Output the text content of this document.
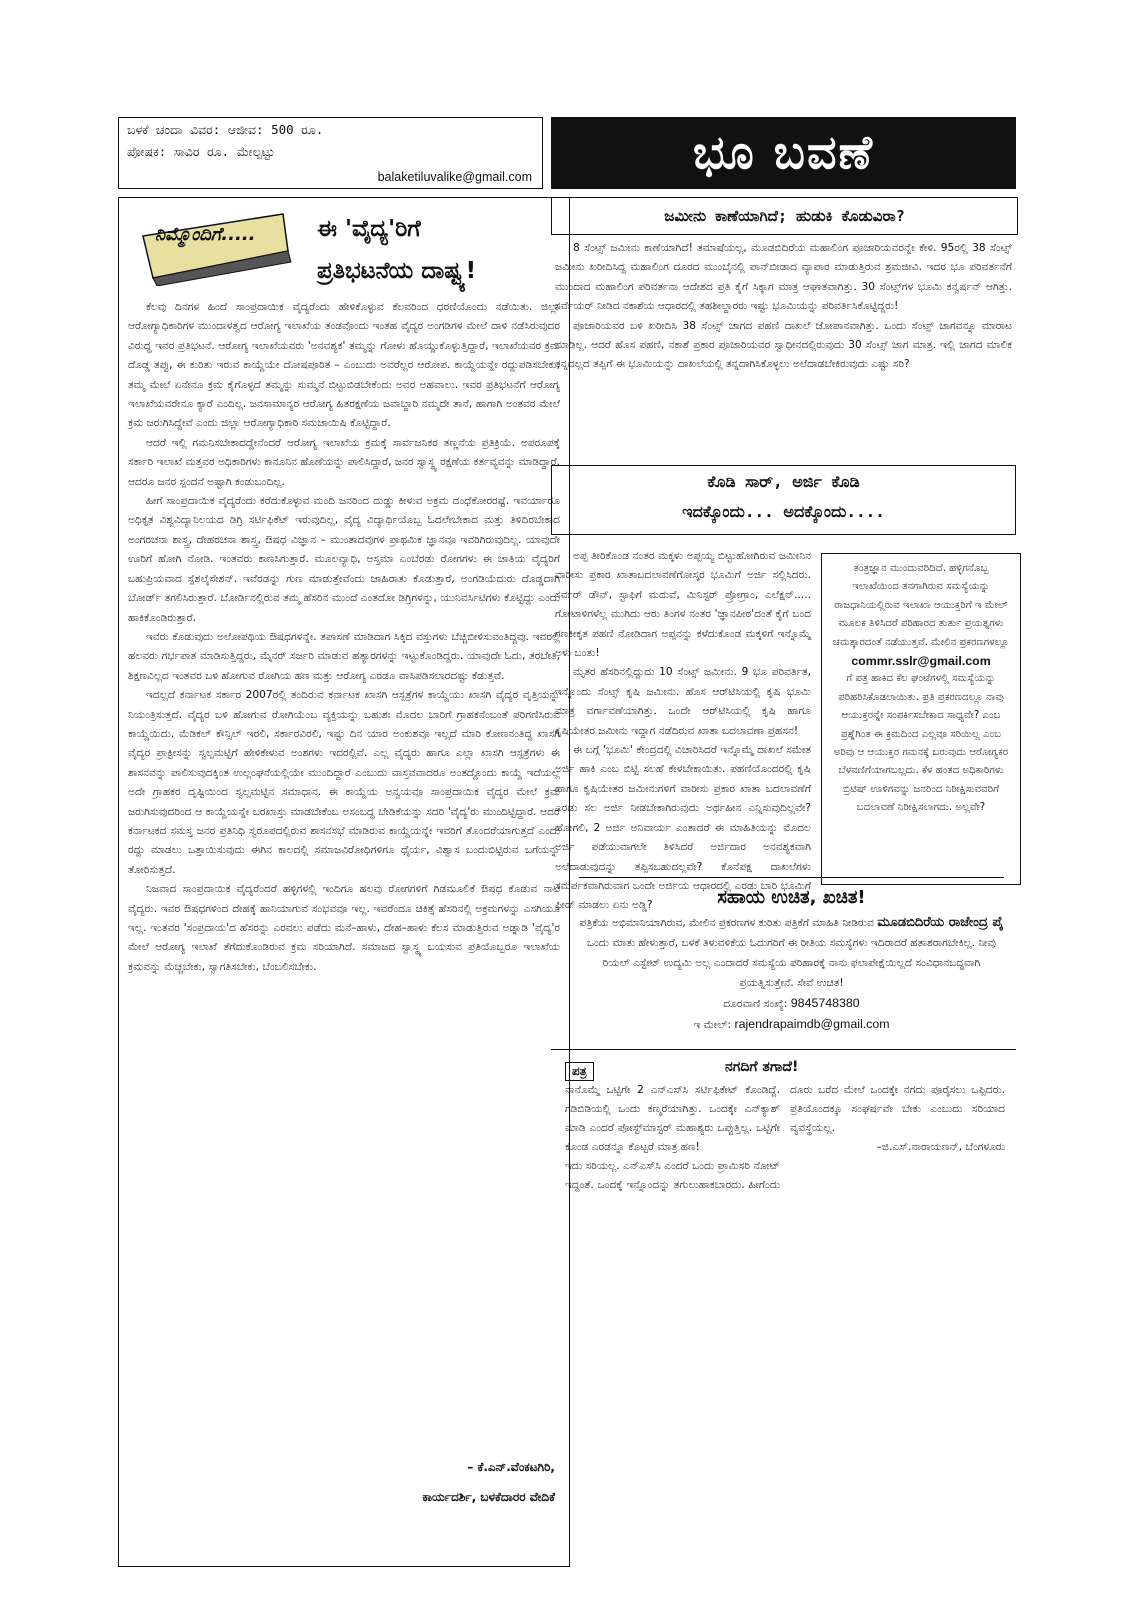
ಬಳಕೆ ಚಂದಾ ವಿವರ: ಆಜೀವ: 500 ರೂ.
ಪೋಷಕ: ಸಾವಿರ ರೂ. ಮೇಲ್ಪಟ್ಟು
balaketiluvalike@gmail.com	ಭೂ ಬವಣೆ
ನಿಮ್ಮೊಂದಿಗೆ.....	ಈ 'ವೈದ್ಯ'ರಿಗೆ
ಪ್ರತಿಭಟನೆಯ ದಾಷ್ಟ್ಯ!

ಕೆಲವು ದಿನಗಳ ಹಿಂದೆ ಸಾಂಪ್ರದಾಯಿಕ ವೈದ್ಯರೆಂದು ಹೇಳಿಕೊಳ್ಳುವ ಕೆಲವರಿಂದ ಧರಣಿಯೊಂದು ನಡೆಯಿತು. ಜಿಲ್ಲಾ ಆರೋಗ್ಯಾಧಿಕಾರಿಗಳ ಮುಂದಾಳತ್ವದ ಆರೋಗ್ಯ ಇಲಾಖೆಯ ತಂಡವೊಂದು ಇಂತಹ ವೈದ್ಯರ ಅಂಗಡಿಗಳ ಮೇಲೆ ದಾಳಿ ನಡೆಸಿರುವುದರ ವಿರುದ್ಧ ಇವರ ಪ್ರತಿಭಟನೆ. ಆರೋಗ್ಯ ಇಲಾಖೆಯವರು 'ಅನವಶ್ಯಕ' ತಮ್ಮನ್ನು ಗೋಳು ಹೊಯ್ದುಕೊಳ್ಳುತ್ತಿದ್ದಾರೆ, ಇಲಾಖೆಯವರ ಕ್ರಮ ದೊಡ್ಡ ತಪ್ಪು, ಈ ಕುರಿತು ಇರುವ ಕಾಯ್ದೆಯೇ ದೋಷಪೂರಿತ – ಎಂಬುದು ಅವರೆಲ್ಲರ ಆರೋಪ. ಕಾಯ್ದೆಯನ್ನೇ ರದ್ದುಪಡಿಸಬೇಕು, ತಮ್ಮ ಮೇಲೆ ಏನೇನೂ ಕ್ರಮ ಕೈಗೊಳ್ಳದೆ ತಮ್ಮನ್ನು ಸುಮ್ಮನೆ ಬಿಟ್ಟುಬಿಡಬೇಕೆಂದು ಅವರ ಅಹವಾಲು. ಇವರ ಪ್ರತಿಭಟನೆಗೆ ಆರೋಗ್ಯ ಇಲಾಖೆಯವರೇನೂ ಕ್ಯಾರೆ ಎಂದಿಲ್ಲ. ಜನಸಾಮಾನ್ಯರ ಆರೋಗ್ಯ ಹಿತರಕ್ಷಣೆಯ ಜವಾಬ್ದಾರಿ ನಮ್ಮದೇ ತಾನೆ, ಹಾಗಾಗಿ ಅಂತವರ ಮೇಲೆ ಕ್ರಮ ಜರುಗಿಸಿದ್ದೇವೆ ಎಂದು ಜಿಲ್ಲಾ ಆರೋಗ್ಯಾಧಿಕಾರಿ ಸಮಜಾಯಿಷಿ ಕೊಟ್ಟಿದ್ದಾರೆ.

ಆದರೆ ಇಲ್ಲಿ ಗಮನಿಸಬೇಕಾದದ್ದೇನೆಂದರೆ ಆರೋಗ್ಯ ಇಲಾಖೆಯ ಕ್ರಮಕ್ಕೆ ಸಾರ್ವಜನಿಕರ ತಣ್ಣನೆಯ ಪ್ರತಿಕ್ರಿಯೆ. ಅಪರೂಪಕ್ಕೆ ಸರ್ಕಾರಿ ಇಲಾಖೆ ಮತ್ತವರ ಅಧಿಕಾರಿಗಳು ಕಾನೂನಿನ ಹೊಣೆಯನ್ನು ಪಾಲಿಸಿದ್ದಾರೆ, ಜನರ ಸ್ವಾಸ್ಥ್ಯ ರಕ್ಷಣೆಯ ಕರ್ತವ್ಯವನ್ನು ಮಾಡಿದ್ದಾರೆ. ಆದರೂ ಜನರ ಸ್ಪಂದನೆ ಅಷ್ಟಾಗಿ ಕಂಡುಬಂದಿಲ್ಲ.

ಹೀಗೆ ಸಾಂಪ್ರದಾಯಿಕ ವೈದ್ಯರೆಂದು ಕರೆದುಕೊಳ್ಳುವ ಮಂದಿ ಜನರಿಂದ ದುಡ್ಡು ಕೀಳುವ ಅಕ್ರಮ ದಂಧೆಕೋರರಷ್ಟೆ. ಇವರ್ಯಾರೂ ಅಧಿಕೃತ ವಿಶ್ವವಿದ್ಯಾನಿಲಯದ ಡಿಗ್ರಿ ಸರ್ಟಿಫಿಕೆಟ್ ಇರುವುದಿಲ್ಲ, ವೈದ್ಯ ವಿದ್ಯಾರ್ಥಿಯೊಬ್ಬ ಓದಲೇಬೇಕಾದ ಮತ್ತು ತಿಳಿದಿರಬೇಕಾದ ಅಂಗರಚನಾ ಶಾಸ್ತ್ರ, ದೇಹರಚನಾ ಶಾಸ್ತ್ರ, ಔಷಧ ವಿಜ್ಞಾನ – ಮುಂತಾದವುಗಳ ಪ್ರಾಥಮಿಕ ಜ್ಞಾನವೂ ಇವರಿಗಿರುವುದಿಲ್ಲ. ಯಾವುದೇ ಊರಿಗೆ ಹೋಗಿ ನೋಡಿ. ಇಂತವರು ಕಾಣಸಿಗುತ್ತಾರೆ. ಮೂಲವ್ಯಾಧಿ, ಅಸ್ತಮಾ ಎಂಬೆರಡು ರೋಗಗಳು ಈ ಜಾತಿಯ ವೈದ್ಯರಿಗೆ ಬಹುಪ್ರಿಯವಾದ ಸ್ಪೆಶಲೈಸೇಶನ್. ಇವೆರಡನ್ನು ಗುಣ ಮಾಡುತ್ತೇವೆಂದು ಜಾಹಿರಾತು ಕೊಡುತ್ತಾರೆ, ಅಂಗಡಿಯೆದುರು ದೊಡ್ಡದಾಗಿ ಬೋರ್ಡ್ ತಗಲಿಸಿರುತ್ತಾರೆ. ಬೋರ್ಡಿನಲ್ಲಿರುವ ತಮ್ಮ ಹೆಸರಿನ ಮುಂದೆ ಎಂತದೋ ಡಿಗ್ರಿಗಳನ್ನು, ಯುನಿವರ್ಸಿಟಿಗಳು ಕೊಟ್ಟಿದ್ದು ಎಂದು ಹಾಕಿಕೊಂಡಿರುತ್ತಾರೆ.

ಇವರು ಕೊಡುವುದು ಅಲೋಪಥಿಯ ಔಷಧಗಳನ್ನೇ. ತಪಾಸಣೆ ಮಾಡಿದಾಗ ಸಿಕ್ಕಿದ ವಸ್ತುಗಳು ಬೆಚ್ಚಿಬೀಳಿಸುವಂತಿದ್ದವು. ಇವರಲ್ಲಿ ಹಲವರು ಗರ್ಭಪಾತ ಮಾಡಿಸುತ್ತಿದ್ದರು, ಮೈನರ್ ಸರ್ಜರಿ ಮಾಡುವ ಹತ್ಯಾರಗಳನ್ನು ಇಟ್ಟುಕೊಂಡಿದ್ದರು. ಯಾವುದೇ ಓದು, ತರಬೇತಿ, ಶಿಕ್ಷಣವಿಲ್ಲದ ಇಂತವರ ಬಳಿ ಹೋಗುವ ರೋಗಿಯ ಹಣ ಮತ್ತು ಆರೋಗ್ಯ ಎರಡೂ ವಾಸಿಪಡಿಸಲಾರದಷ್ಟು ಕೆಡುತ್ತವೆ.

ಇದಲ್ಲದೆ ಕರ್ನಾಟಕ ಸರ್ಕಾರ 2007ರಲ್ಲಿ ತಂದಿರುವ ಕರ್ನಾಟಕ ಖಾಸಗಿ ಆಸ್ಪತ್ರೆಗಳ ಕಾಯ್ದೆಯು ಖಾಸಗಿ ವೈದ್ಯರ ವೃತ್ತಿಯನ್ನು ನಿಯಂತ್ರಿಸುತ್ತದೆ. ವೈದ್ಯರ ಬಳಿ ಹೋಗುವ ರೋಗಿಯೆಂಬ ವ್ಯಕ್ತಿಯನ್ನು ಬಹುಶಃ ಮೊದಲ ಬಾರಿಗೆ ಗ್ರಾಹಕನೆಂಬಂತೆ ಪರಿಗಣಿಸಿರುವ ಕಾಯ್ದೆಯಿದು. ಮೆಡಿಕಲ್ ಕೌನ್ಸಿಲ್ ಇರಲಿ, ಸರ್ಕಾರವಿರಲಿ, ಇಷ್ಟು ದಿನ ಯಾರ ಅಂಕುಶವೂ ಇಲ್ಲದೆ ಮಾರಿ ಕೋಣನಂತಿದ್ದ ಖಾಸಗಿ ವೈದ್ಯರ ಪ್ರಾಕ್ಟೀಸನ್ನು ಸ್ವಲ್ಪಮಟ್ಟಿಗೆ ಹೇಳಿಕೇಳುವ ಅಂಶಗಳು ಇದರಲ್ಲಿವೆ. ಎಲ್ಲ ವೈದ್ಯರು ಹಾಗೂ ಎಲ್ಲಾ ಖಾಸಗಿ ಆಸ್ಪತ್ರೆಗಳು ಈ ಶಾಸನವನ್ನು ಪಾಲಿಸುವುದಕ್ಕಿಂತ ಉಲ್ಲಂಘನೆಯಲ್ಲಿಯೇ ಮುಂದಿದ್ದಾರೆ ಎಂಬುದು ವಾಸ್ತವವಾದರೂ ಅಂತದ್ದೊಂದು ಕಾಯ್ದೆ ಇದೆಯಲ್ಲ ಅದೇ ಗ್ರಾಹಕರ ದೃಷ್ಟಿಯಿಂದ ಸ್ವಲ್ಪಮಟ್ಟಿನ ಸಮಾಧಾನ. ಈ ಕಾಯ್ದೆಯ ಅನ್ವಯವೂ ಸಾಂಪ್ರದಾಯಿಕ ವೈದ್ಯರ ಮೇಲೆ ಕ್ರಮ ಜರುಗಿಸುವುದರಿಂದ ಆ ಕಾಯ್ದೆಯನ್ನೇ ಬರಖಾಸ್ತು ಮಾಡಬೇಕೆಂಬ ಅಸಂಬದ್ಧ ಬೇಡಿಕೆಯನ್ನು ಸದರಿ 'ವೈದ್ಯ'ರು ಮುಂದಿಟ್ಟಿದ್ದಾರೆ. ಆದರೆ ಕರ್ನಾಟಕದ ಸಮಸ್ತ ಜನರ ಪ್ರತಿನಿಧಿ ಸ್ವರೂಪದಲ್ಲಿರುವ ಶಾಸನಸಭೆ ಮಾಡಿರುವ ಕಾಯ್ದೆಯನ್ನೇ ಇವರಿಗೆ ತೊಂದರೆಯಾಗುತ್ತದೆ ಎಂದು ರದ್ದು ಮಾಡಲು ಒತ್ತಾಯಿಸುವುದು ಈಗಿನ ಕಾಲದಲ್ಲಿ ಸಮಾಜವಿರೋಧಿಗಳಿಗೂ ಧೈರ್ಯ, ವಿಶ್ವಾಸ ಬಂದುಬಿಟ್ಟಿರುವ ಬಗೆಯನ್ನು ತೋರಿಸುತ್ತದೆ.

ನಿಜವಾದ ಸಾಂಪ್ರದಾಯಿಕ ವೈದ್ಯರೆಂದರೆ ಹಳ್ಳಿಗಳಲ್ಲಿ ಇಂದಿಗೂ ಹಲವು ರೋಗಗಳಿಗೆ ಗಿಡಮೂಲಿಕೆ ಔಷಧ ಕೊಡುವ ನಾಟಿ ವೈದ್ಯರು. ಇವರ ಔಷಧಗಳಿಂದ ದೇಹಕ್ಕೆ ಹಾನಿಯಾಗುವ ಸಂಭವವೂ ಇಲ್ಲ. ಇವರೆಂದೂ ಚಿಕಿತ್ಸೆ ಹೆಸರಿನಲ್ಲಿ ಅಕ್ರಮಗಳನ್ನು ಎಸಗಿಯೂ ಇಲ್ಲ. ಇಂತವರ 'ಸಂಪ್ರದಾಯ'ದ ಹೆಸರನ್ನು ಎರವಲು ಪಡೆದು ಮನೆ–ಹಾಳು, ದೇಹ–ಹಾಳು ಕೆಲಸ ಮಾಡುತ್ತಿರುವ ಅಡ್ನಾಡಿ 'ವೈದ್ಯ'ರ ಮೇಲೆ ಆರೋಗ್ಯ ಇಲಾಖೆ ತೆಗೆದುಕೊಂಡಿರುವ ಕ್ರಮ ಸರಿಯಾಗಿದೆ. ಸಮಾಜದ ಸ್ವಾಸ್ಥ್ಯ ಬಯಸುವ ಪ್ರತಿಯೊಬ್ಬರೂ ಇಲಾಖೆಯ ಕ್ರಮವನ್ನು ಮೆಚ್ಚಬೇಕು, ಸ್ವಾಗತಿಸಬೇಕು, ಬೆಂಬಲಿಸಬೇಕು.

– ಕೆ.ಎನ್.ವೆಂಕಟಗಿರಿ,
ಕಾರ್ಯದರ್ಶಿ, ಬಳಕೆದಾರರ ವೇದಿಕೆ
ಜಮೀನು ಕಾಣೆಯಾಗಿದೆ; ಹುಡುಕಿ ಕೊಡುವಿರಾ?

8 ಸೆಂಟ್ಸ್ ಜಮೀನು ಕಾಣೆಯಾಗಿದೆ! ತಮಾಷೆಯಲ್ಲ, ಮೂಡಬಿದಿರೆಯ ಮಹಾಲಿಂಗ ಪೂಜಾರಿಯವರನ್ನೇ ಕೇಳಿ. 95ರಲ್ಲಿ 38 ಸೆಂಟ್ಸ್ ಜಮೀನು ಖರೀದಿಸಿದ್ದ ಮಹಾಲಿಂಗ ದೂರದ ಮುಂಬೈನಲ್ಲಿ ಪಾನ್‌ಬೀಡಾದ ವ್ಯಾಪಾರ ಮಾಡುತ್ತಿರುವ ಶ್ರಮಜೀವಿ. ಇದರ ಭೂ ಪರಿವರ್ತನೆಗೆ ಮುಂದಾದ ಮಹಾಲಿಂಗ ಪರಿವರ್ತನಾ ಆದೇಶದ ಪ್ರತಿ ಕೈಗೆ ಸಿಕ್ಕಾಗ ಮಾತ್ರ ಆಘಾತವಾಗಿತ್ತು. 30 ಸೆಂಟ್ಸ್‌ಗಳ ಭೂಮಿ ಕನ್ವರ್ಷನ್ ಆಗಿತ್ತು. ಸರ್ವೆಯರ್ ನೀಡಿದ ನಕಾಶೆಯ ಆಧಾರದಲ್ಲಿ ತಹಶೀಲ್ದಾರರು ಇಷ್ಟು ಭೂಮಿಯನ್ನು ಪರಿವರ್ತಿಸಿಕೊಟ್ಟಿದ್ದರು!

ಪೂಜಾರಿಯವರ ಬಳಿ ಖರೀದಿಸಿ 38 ಸೆಂಟ್ಸ್ ಜಾಗದ ಪಹಣಿ ದಾಖಲೆ ಜೋಪಾನವಾಗಿತ್ತು. ಒಂದು ಸೆಂಟ್ಸ್ ಜಾಗವನ್ನೂ ಮಾರಾಟ ಮಾಡಿಲ್ಲ. ಆದರೆ ಹೊಸ ಪಹಣಿ, ನಕಾಶೆ ಪ್ರಕಾರ ಪೂಜಾರಿಯವರ ಸ್ವಾಧೀನದಲ್ಲಿರುವುದು 30 ಸೆಂಟ್ಸ್ ಜಾಗ ಮಾತ್ರ. ಇಲ್ಲಿ ಜಾಗದ ಮಾಲಿಕ ತನ್ನದಲ್ಲದ ತಪ್ಪಿಗೆ ಈ ಭೂಮಿಯನ್ನು ದಾಖಲೆಯಲ್ಲಿ ತನ್ನದಾಗಿಸಿಕೊಳ್ಳಲು ಅಲೆದಾಡಬೇಕಿರುವುದು ಎಷ್ಟು ಸರಿ?

ಕೊಡಿ ಸಾರ್, ಅರ್ಜಿ ಕೊಡಿ
ಇದಕ್ಕೊಂದು... ಅದಕ್ಕೊಂದು....

ಅಪ್ಪ ತೀರಿಕೊಂಡ ನಂತರ ಮಕ್ಕಳು ಅಪ್ಪಯ್ಯ ಬಿಟ್ಟುಹೋಗಿರುವ ಜಮೀನಿನ ವಾರೀಸು ಪ್ರಕಾರ ಖಾತಾಬದಲಾವಣೆಗೋಸ್ಕರ ಭೂಮಿಗೆ ಅರ್ಜಿ ಸಲ್ಲಿಸಿದರು. ಸರ್ವರ್ ಡೌನ್, ಸ್ಟಾಫಿಗೆ ಮದುವೆ, ಮಿನಿಸ್ಟರ್ ಪ್ರೋಗ್ರಾಂ, ಎಲೆಕ್ಷನ್..... ಗೋಟಾಳಿಗಳೆಲ್ಲ ಮುಗಿದು ಆರು ತಿಂಗಳ ನಂತರ 'ಜ್ಞಾನಪೀಠ'ದಂತೆ ಕೈಗೆ ಬಂದ ಗಣಕೀಕೃತ ಪಹಣಿ ನೋಡಿದಾಗ ಅಪ್ಪನನ್ನು ಕಳೆದುಕೊಂಡ ಮಕ್ಕಳಿಗೆ ಇನ್ನೊಮ್ಮೆ ಅಳು ಬಂತು!

ಮೃತರ ಹೆಸರಿನಲ್ಲಿದ್ದುದು 10 ಸೆಂಟ್ಸ್ ಜಮೀನು. 9 ಭೂ ಪರಿವರ್ತಿತ, ಇನ್ನೊಂದು ಸೆಂಟ್ಸ್ ಕೃಷಿ ಜಮೀನು. ಹೊಸ ಆರ್‌ಟಿಸಿಯಲ್ಲಿ ಕೃಷಿ ಭೂಮಿ ಮಾತ್ರ ವರ್ಗಾವಣೆಯಾಗಿತ್ತು. ಒಂದೇ ಆರ್‌ಟಿಸಿಯಲ್ಲಿ ಕೃಷಿ ಹಾಗೂ ಕೃಷಿಯೇತರ ಜಮೀನು ಇದ್ದಾಗ ನಡೆದಿರುವ ಖಾತಾ ಬದಲಾವಣಾ ಪ್ರಹಸನ!

ಈ ಬಗ್ಗೆ 'ಭೂಮಿ' ಕೇಂದ್ರದಲ್ಲಿ ವಿಚಾರಿಸಿದರೆ ಇನ್ನೊಮ್ಮೆ ದಾಖಲೆ ಸಮೇತ ಅರ್ಜಿ ಹಾಕಿ ಎಂಬ ಬಿಟ್ಟಿ ಸಲಹೆ ಕೇಳಬೇಕಾಯಿತು. ಪಹಣಿಯೊಂದರಲ್ಲಿ ಕೃಷಿ ಹಾಗೂ ಕೃಷಿಯೇತರ ಜಮೀನುಗಳಿಗೆ ವಾರೀಸು ಪ್ರಕಾರ ಖಾತಾ ಬದಲಾವಣೆಗೆ ಎರಡು ಸಲ ಅರ್ಜಿ ನೀಡಬೇಕಾಗಿರುವುದು ಅರ್ಥಹೀನ ಎನ್ನಿಸುವುದಿಲ್ಲವೇ? ಹೋಗಲಿ, 2 ಅರ್ಜಿ ಅನಿವಾರ್ಯ ಎಂತಾದರೆ ಈ ಮಾಹಿತಿಯನ್ನು ಮೊದಲ ಅರ್ಜಿ ಪಡೆಯುವಾಗಲೇ ತಿಳಿಸಿದರೆ ಅರ್ಜಿದಾರ ಅನವಶ್ಯಕವಾಗಿ ಅಲೆದಾಡುವುದನ್ನು ತಪ್ಪಿಸಬಹುದಲ್ಲವೇ? ಕೊನೆಪಕ್ಷ ದಾಖಲೆಗಳು ಸಮರ್ಪಕವಾಗಿರುವಾಗ ಒಂದೇ ಅರ್ಜಿಯ ಆಧಾರದಲ್ಲಿ ಎರಡು ಬಾರಿ ಭೂಮಿಗೆ ಫೀಡ್ ಮಾಡಲು ಏನು ಅಡ್ಡಿ?

ತಂತ್ರಜ್ಞಾನ ಮುಂದುವರಿದಿದೆ. ಹಳ್ಳಿಗನೊಬ್ಬ ಇಲಾಖೆಯಿಂದ ತನಗಾಗಿರುವ ಸಮಸ್ಯೆಯನ್ನು ರಾಜಧಾನಿಯಲ್ಲಿರುವ ಇಲಾಖಾ ಆಯುಕ್ತರಿಗೆ ಇ ಮೇಲ್ ಮೂಲಕ ತಿಳಿಸಿದರೆ ಪರಿಹಾರದ ತುರ್ತು ಪ್ರಯತ್ನಗಳು ಚಮತ್ಕಾರದಂತೆ ನಡೆಯುತ್ತವೆ. ಮೇಲಿನ ಪ್ರಕರಣಗಳಲ್ಲೂ
commr.sslr@gmail.com
ಗೆ ಪತ್ರ ಹಾಕಿದ ಕೆಲ ಘಂಟೆಗಳಲ್ಲಿ ಸಮಸ್ಯೆಯನ್ನು ಪರಿಹರಿಸಿಕೊಡಲಾಯಿತು. ಪ್ರತಿ ಪ್ರಕರಣದಲ್ಲೂ ನಾವು ಆಯುಕ್ತರನ್ನೇ ಸಂಪರ್ಕಿಸಬೇಕಾದ ಸಾಧ್ಯವೇ? ಎಂಬ ಪ್ರಶ್ನೆಗಿಂತ ಈ ಕ್ರಮದಿಂದ ಎಲ್ಲವೂ ಸರಿಯಿಲ್ಲ ಎಂಬ ಅರಿವು ಆ ಆಯುಕ್ತರ ಗಮನಕ್ಕೆ ಬರುವುದು ಆರೋಗ್ಯಕರ ಬೆಳವಣಿಗೆಯಾಗಬಲ್ಲದು. ಕೆಳ ಹಂತದ ಅಧಿಕಾರಿಗಳು ಬ್ರಿಟಿಷ್ ಊಳಿಗವನ್ನು ಜನರಿಂದ ನಿರೀಕ್ಷಿಸುವವರಿಗೆ ಬದಲಾವಣೆ ನಿರೀಕ್ಷಿಸಲಾಗದು. ಅಲ್ಲವೇ?
ಸಹಾಯ ಉಚಿತ, ಖಚಿತ!
ಪತ್ರಿಕೆಯ ಅಭಿಮಾನಿಯಾಗಿರುವ, ಮೇಲಿನ ಪ್ರಕರಣಗಳ ಕುರಿತು ಪತ್ರಿಕೆಗೆ ಮಾಹಿತಿ ನೀಡಿರುವ ಮೂಡಬಿದಿರೆಯ ರಾಜೇಂದ್ರ ಪೈ ಒಂದು ಮಾತು ಹೇಳುತ್ತಾರೆ, ಬಳಕೆ ತಿಳುವಳಿಕೆಯ ಓದುಗರಿಗೆ ಈ ರೀತಿಯ ಸಮಸ್ಯೆಗಳು ಇದಿರಾದರೆ ಹತಾಶರಾಗಬೇಕಿಲ್ಲ. ನೀವು ರಿಯಲ್ ಎಸ್ಟೇಟ್ ಉದ್ಯಮಿ ಅಲ್ಲ ಎಂದಾದರೆ ಸಮಸ್ಯೆಯ ಪರಿಹಾರಕ್ಕೆ ನಾನು ಫಲಾಪೇಕ್ಷೆಯಿಲ್ಲದೆ ಸಂವಿಧಾನಬದ್ಧವಾಗಿ ಪ್ರಯತ್ನಿಸುತ್ತೇನೆ. ಸೇವೆ ಉಚಿತ!
ದೂರವಾಣಿ ಸಂಖ್ಯೆ: 9845748380
ಇ ಮೇಲ್: rajendrapaimdb@gmail.com
ಪತ್ರ	ನಗದಿಗೆ ತಗಾದೆ!

ನಾನೊಮ್ಮೆ ಒಟ್ಟಿಗೇ 2 ಎನ್‌ಎಸ್‌ಸಿ ಸರ್ಟಿಫಿಕೇಟ್ ಕೊಂಡಿದ್ದೆ. ಗಡಿಬಿಡಿಯಲ್ಲಿ ಒಂದು ಕಣ್ಮರೆಯಾಗಿತ್ತು. ಒಂದಕ್ಕೇ ಎನ್‌ಕ್ಯಾಶ್ ಮಾಡಿ ಎಂದರೆ ಪೋಸ್ಟ್‌ಮಾಸ್ಟರ್ ಮಹಾಶ್ಯರು ಒಪ್ಪುತ್ತಿಲ್ಲ. ಒಟ್ಟಿಗೇ ಕೊಂಡ ಎರಡನ್ನೂ ಕೊಟ್ಟರೆ ಮಾತ್ರ ಹಣ!

ಇದು ಸರಿಯಲ್ಲ. ಎನ್‌ಎಸ್‌ಸಿ ಎಂದರೆ ಒಂದು ಪ್ರಾಮಿಸರಿ ನೋಟ್ ಇದ್ದಂತೆ. ಒಂದಕ್ಕೆ ಇನ್ನೊಂದನ್ನು ತಗುಲುಹಾಕಬಾರದು. ಹೀಗೆಂದು ದೂರು ಬರೆದ ಮೇಲೆ ಒಂದಕ್ಕೇ ನಗದು ಪೂರೈಸಲು ಒಪ್ಪಿದರು. ಪ್ರತಿಯೊಂದಕ್ಕೂ ಸಂಘರ್ಷವೇ ಬೇಕು ಎಂಬುದು ಸರಿಯಾದ ವ್ಯವಸ್ಥೆಯಲ್ಲ.

–ಜಿ.ಎಸ್.ನಾರಾಯಣನ್, ಬೆಂಗಳೂರು
